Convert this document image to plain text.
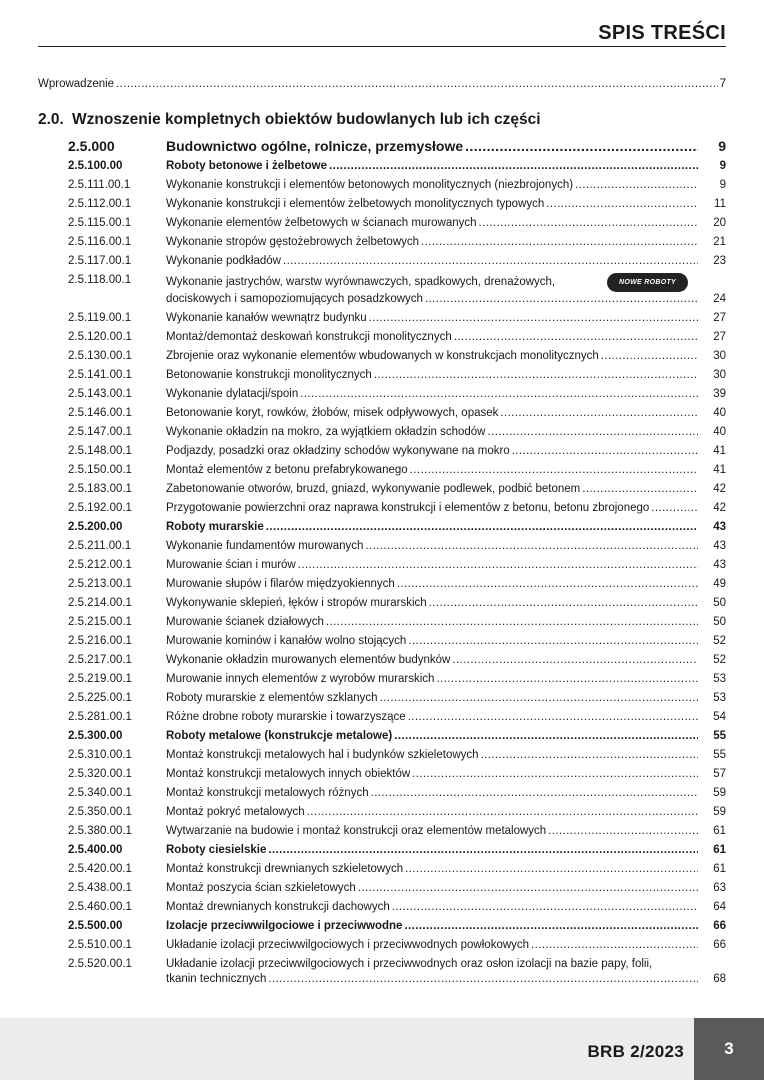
SPIS TREŚCI
Wprowadzenie .....	7
2.0. Wznoszenie kompletnych obiektów budowlanych lub ich części
2.5.000	Budownictwo ogólne, rolnicze, przemysłowe .....	9
2.5.100.00	Roboty betonowe i żelbetowe .....	9
2.5.111.00.1	Wykonanie konstrukcji i elementów betonowych monolitycznych (niezbrojonych) .....	9
2.5.112.00.1	Wykonanie konstrukcji i elementów żelbetowych monolitycznych typowych .....	11
2.5.115.00.1	Wykonanie elementów żelbetowych w ścianach murowanych .....	20
2.5.116.00.1	Wykonanie stropów gęstożebrowych żelbetowych .....	21
2.5.117.00.1	Wykonanie podkładów .....	23
2.5.118.00.1	Wykonanie jastrychów, warstw wyrównawczych, spadkowych, drenażowych,	NOWE ROBOTY
dociskowych i samopoziomujących posadzkowych .....	24
2.5.119.00.1	Wykonanie kanałów wewnątrz budynku .....	27
2.5.120.00.1	Montaż/demontaż deskowań konstrukcji monolitycznych .....	27
2.5.130.00.1	Zbrojenie oraz wykonanie elementów wbudowanych w konstrukcjach monolitycznych .....	30
2.5.141.00.1	Betonowanie konstrukcji monolitycznych .....	30
2.5.143.00.1	Wykonanie dylatacji/spoin .....	39
2.5.146.00.1	Betonowanie koryt, rowków, żłobów, misek odpływowych, opasek .....	40
2.5.147.00.1	Wykonanie okładzin na mokro, za wyjątkiem okładzin schodów .....	40
2.5.148.00.1	Podjazdy, posadzki oraz okładziny schodów wykonywane na mokro .....	41
2.5.150.00.1	Montaż elementów z betonu prefabrykowanego .....	41
2.5.183.00.1	Zabetonowanie otworów, bruzd, gniazd, wykonywanie podlewek, podbić betonem .....	42
2.5.192.00.1	Przygotowanie powierzchni oraz naprawa konstrukcji i elementów z betonu, betonu zbrojonego .....	42
2.5.200.00	Roboty murarskie .....	43
2.5.211.00.1	Wykonanie fundamentów murowanych .....	43
2.5.212.00.1	Murowanie ścian i murów .....	43
2.5.213.00.1	Murowanie słupów i filarów międzyokiennych .....	49
2.5.214.00.1	Wykonywanie sklepień, łęków i stropów murarskich .....	50
2.5.215.00.1	Murowanie ścianek działowych .....	50
2.5.216.00.1	Murowanie kominów i kanałów wolno stojących .....	52
2.5.217.00.1	Wykonanie okładzin murowanych elementów budynków .....	52
2.5.219.00.1	Murowanie innych elementów z wyrobów murarskich .....	53
2.5.225.00.1	Roboty murarskie z elementów szklanych .....	53
2.5.281.00.1	Różne drobne roboty murarskie i towarzyszące .....	54
2.5.300.00	Roboty metalowe (konstrukcje metalowe) .....	55
2.5.310.00.1	Montaż konstrukcji metalowych hal i budynków szkieletowych .....	55
2.5.320.00.1	Montaż konstrukcji metalowych innych obiektów .....	57
2.5.340.00.1	Montaż konstrukcji metalowych różnych .....	59
2.5.350.00.1	Montaż pokryć metalowych .....	59
2.5.380.00.1	Wytwarzanie na budowie i montaż konstrukcji oraz elementów metalowych .....	61
2.5.400.00	Roboty ciesielskie .....	61
2.5.420.00.1	Montaż konstrukcji drewnianych szkieletowych .....	61
2.5.438.00.1	Montaż poszycia ścian szkieletowych .....	63
2.5.460.00.1	Montaż drewnianych konstrukcji dachowych .....	64
2.5.500.00	Izolacje przeciwwilgociowe i przeciwwodne .....	66
2.5.510.00.1	Układanie izolacji przeciwwilgociowych i przeciwwodnych powłokowych .....	66
2.5.520.00.1	Układanie izolacji przeciwwilgociowych i przeciwwodnych oraz osłon izolacji na bazie papy, folii,
tkanin technicznych .....	68
BRB 2/2023 3
